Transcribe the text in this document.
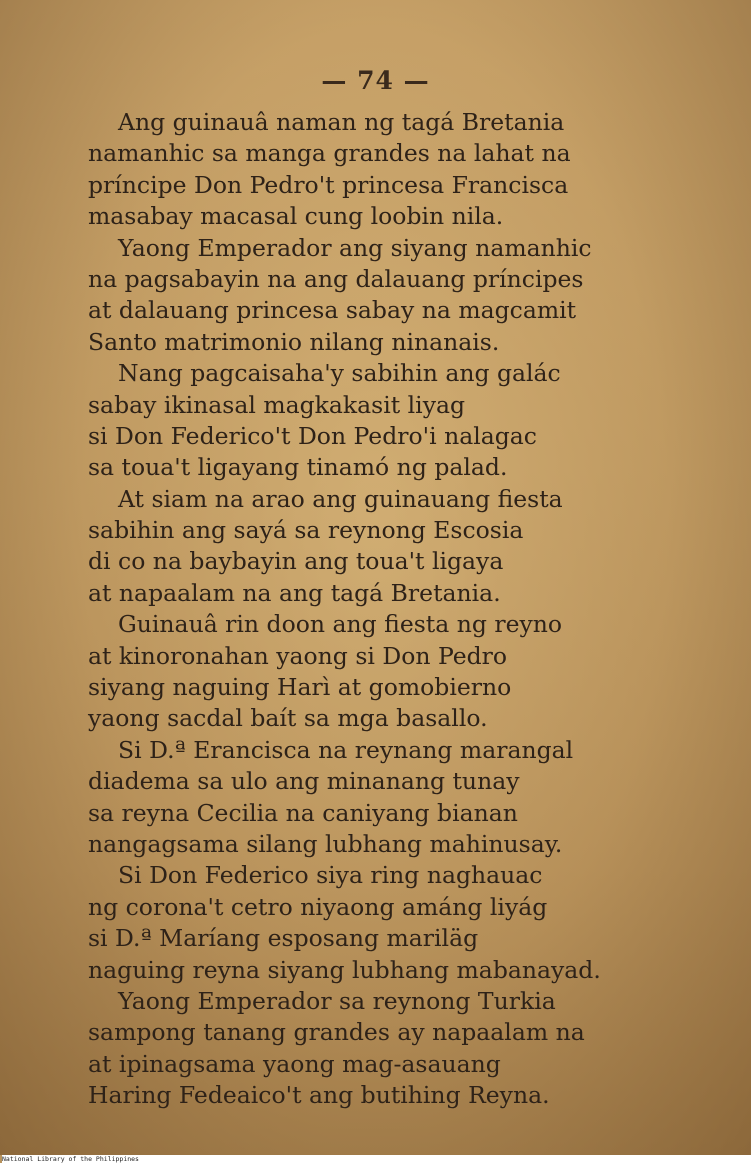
— 74 —
Ang guinauâ naman ng tagá Bretania
namanhic sa manga grandes na lahat na
príncipe Don Pedro't princesa Francisca
masabay macasal cung loobin nila.
Yaong Emperador ang siyang namanhic
na pagsabayin na ang dalauang príncipes
at dalauang princesa sabay na magcamit
Santo matrimonio nilang ninanais.
Nang pagcaisaha'y sabihin ang galác
sabay ikinasal magkakasit liyag
si Don Federico't Don Pedro'i nalagac
sa toua't ligayang tinamó ng palad.
At siam na arao ang guinauang fiesta
sabihin ang sayá sa reynong Escosia
di co na baybayin ang toua't ligaya
at napaalam na ang tagá Bretania.
Guinauâ rin doon ang fiesta ng reyno
at kinoronahan yaong si Don Pedro
siyang naguing Harì at gomobierno
yaong sacdal baít sa mga basallo.
Si D.ª Erancisca na reynang marangal
diadema sa ulo ang minanang tunay
sa reyna Cecilia na caniyang bianan
nangagsama silang lubhang mahinusay.
Si Don Federico siya ring naghauac
ng corona't cetro niyaong amáng liyág
si D.ª Maríang esposang mariläg
naguing reyna siyang lubhang mabanayad.
Yaong Emperador sa reynong Turkia
sampong tanang grandes ay napaalam na
at ipinagsama yaong mag-asauang
Haring Fedeaico't ang butihing Reyna.
National Library of the Philippines
